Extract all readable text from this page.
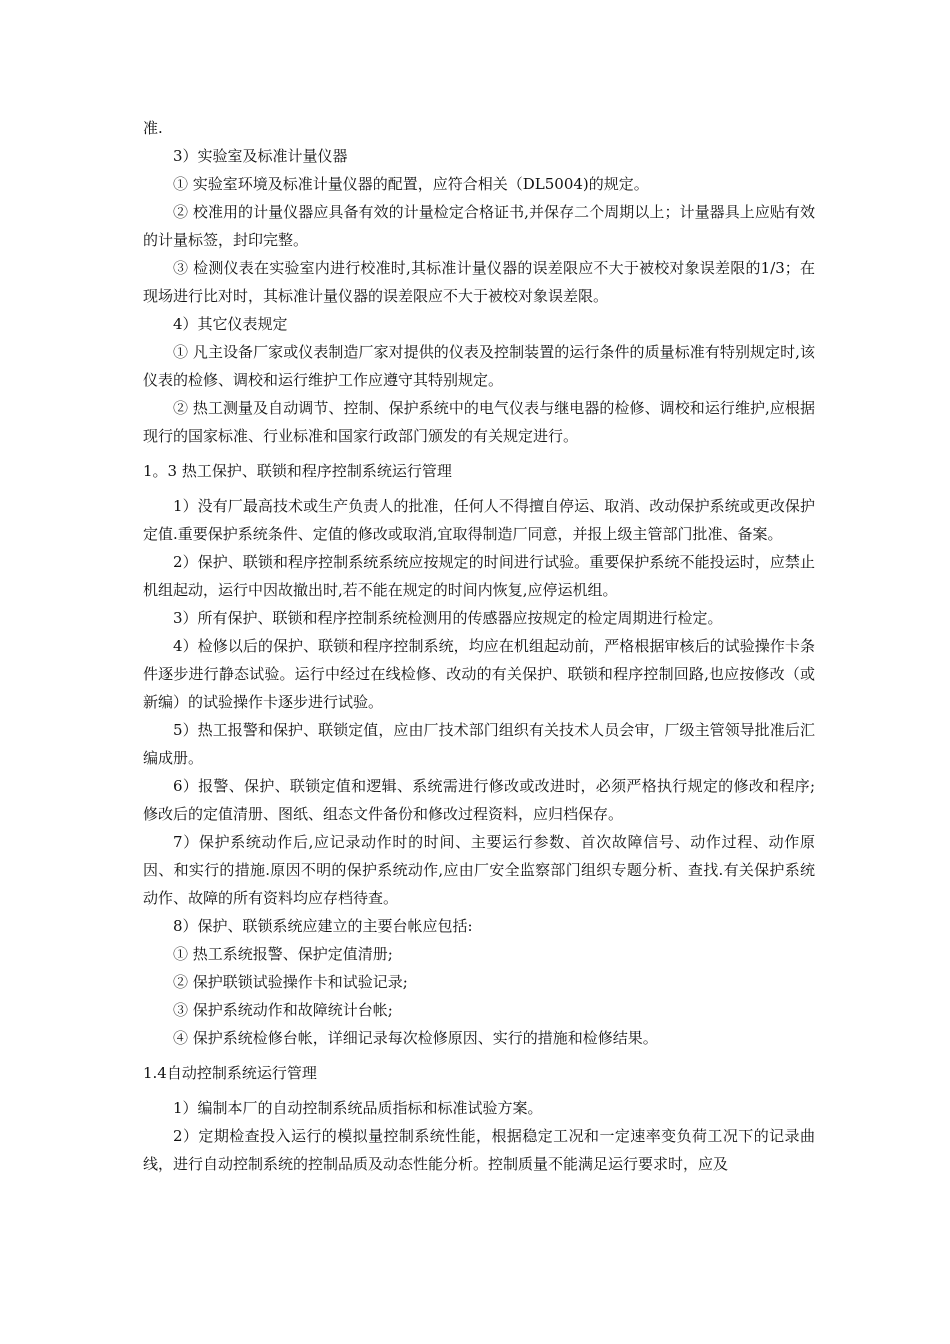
准.

3）实验室及标准计量仪器

① 实验室环境及标准计量仪器的配置，应符合相关（DL5004)的规定。

② 校准用的计量仪器应具备有效的计量检定合格证书,并保存二个周期以上；计量器具上应贴有效的计量标签，封印完整。

③ 检测仪表在实验室内进行校准时,其标准计量仪器的误差限应不大于被校对象误差限的1/3；在现场进行比对时，其标准计量仪器的误差限应不大于被校对象误差限。

4）其它仪表规定

① 凡主设备厂家或仪表制造厂家对提供的仪表及控制装置的运行条件的质量标准有特别规定时,该仪表的检修、调校和运行维护工作应遵守其特别规定。

② 热工测量及自动调节、控制、保护系统中的电气仪表与继电器的检修、调校和运行维护,应根据现行的国家标准、行业标准和国家行政部门颁发的有关规定进行。

1。3 热工保护、联锁和程序控制系统运行管理

1）没有厂最高技术或生产负责人的批准，任何人不得擅自停运、取消、改动保护系统或更改保护定值.重要保护系统条件、定值的修改或取消,宜取得制造厂同意，并报上级主管部门批准、备案。

2）保护、联锁和程序控制系统系统应按规定的时间进行试验。重要保护系统不能投运时，应禁止机组起动，运行中因故撤出时,若不能在规定的时间内恢复,应停运机组。

3）所有保护、联锁和程序控制系统检测用的传感器应按规定的检定周期进行检定。

4）检修以后的保护、联锁和程序控制系统，均应在机组起动前，严格根据审核后的试验操作卡条件逐步进行静态试验。运行中经过在线检修、改动的有关保护、联锁和程序控制回路,也应按修改（或新编）的试验操作卡逐步进行试验。

5）热工报警和保护、联锁定值，应由厂技术部门组织有关技术人员会审，厂级主管领导批准后汇编成册。

6）报警、保护、联锁定值和逻辑、系统需进行修改或改进时，必须严格执行规定的修改和程序;修改后的定值清册、图纸、组态文件备份和修改过程资料，应归档保存。

7）保护系统动作后,应记录动作时的时间、主要运行参数、首次故障信号、动作过程、动作原因、和实行的措施.原因不明的保护系统动作,应由厂安全监察部门组织专题分析、查找.有关保护系统动作、故障的所有资料均应存档待查。

8）保护、联锁系统应建立的主要台帐应包括:

① 热工系统报警、保护定值清册;

② 保护联锁试验操作卡和试验记录;

③ 保护系统动作和故障统计台帐;

④ 保护系统检修台帐，详细记录每次检修原因、实行的措施和检修结果。

1.4自动控制系统运行管理

1）编制本厂的自动控制系统品质指标和标准试验方案。

2）定期检查投入运行的模拟量控制系统性能，根据稳定工况和一定速率变负荷工况下的记录曲线，进行自动控制系统的控制品质及动态性能分析。控制质量不能满足运行要求时，应及
